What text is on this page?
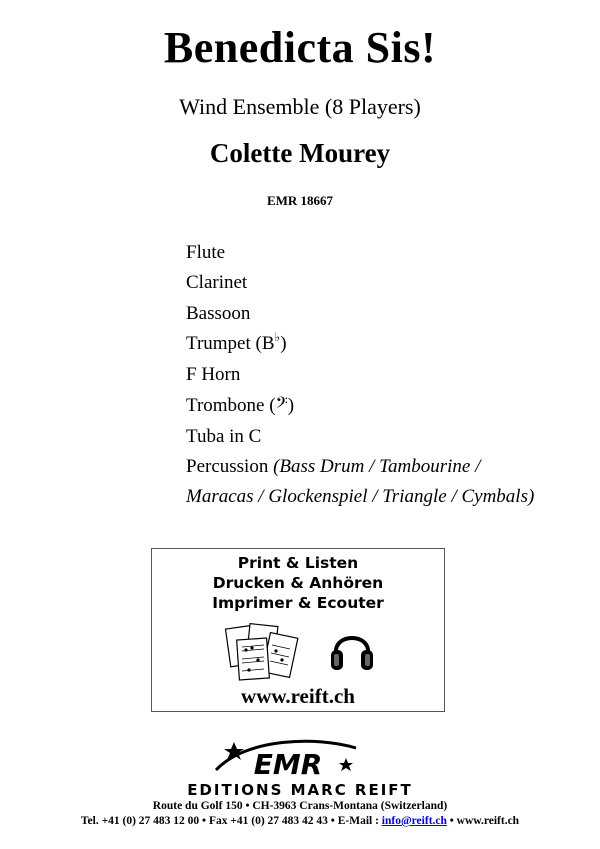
Benedicta Sis!
Wind Ensemble (8 Players)
Colette Mourey
EMR 18667
Flute
Clarinet
Bassoon
Trumpet (B♭)
F Horn
Trombone (𝄢)
Tuba in C
Percussion (Bass Drum / Tambourine /
Maracas / Glockenspiel / Triangle / Cymbals)
Print & Listen
Drucken & Anhören
Imprimer & Ecouter
www.reift.ch
EMR
EDITIONS MARC REIFT
Route du Golf 150 • CH-3963 Crans-Montana (Switzerland)
Tel. +41 (0) 27 483 12 00 • Fax +41 (0) 27 483 42 43 • E-Mail : info@reift.ch • www.reift.ch
